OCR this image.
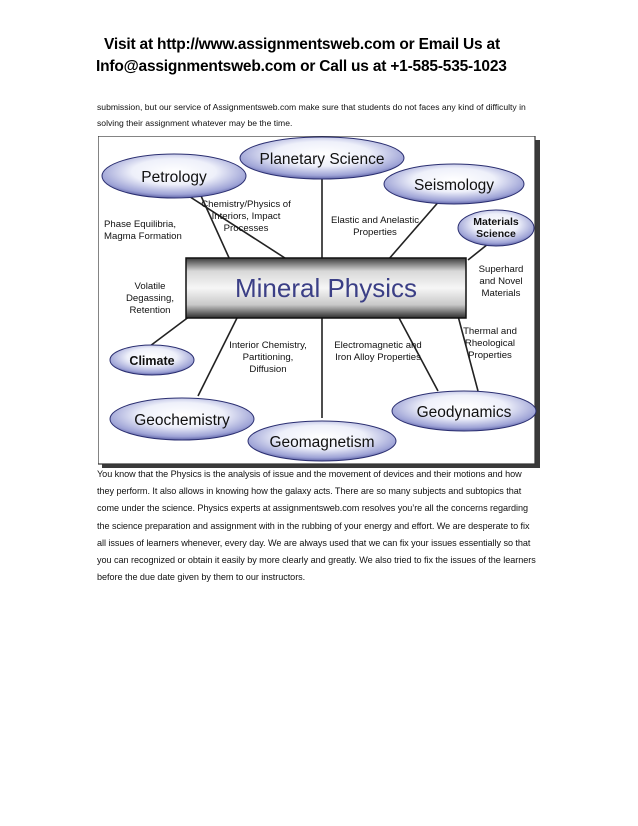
Visit at http://www.assignmentsweb.com or Email Us at
Info@assignmentsweb.com or Call us at +1-585-535-1023
submission, but our service of Assignmentsweb.com make sure that students do not faces any kind of difficulty in solving their assignment whatever may be the time.
Mineral Physics
Planetary Science
Petrology	Seismology
Materials
Science
Climate
Geochemistry
Geomagnetism
Geodynamics
Chemistry/Physics of
Interiors, Impact
Processes
Phase Equilibria,
Magma Formation
Elastic and Anelastic
Properties
Superhard
and Novel
Materials
Volatile
Degassing,
Retention
Thermal and
Rheological
Properties
Interior Chemistry,
Partitioning,
Diffusion
Electromagnetic and
Iron Alloy Properties
You know that the Physics is the analysis of issue and the movement of devices and their motions and how they perform. It also allows in knowing how the galaxy acts. There are so many subjects and subtopics that come under the science. Physics experts at assignmentsweb.com resolves you’re all the concerns regarding the science preparation and assignment with in the rubbing of your energy and effort. We are desperate to fix all issues of learners whenever, every day. We are always used that we can fix your issues essentially so that you can recognized or obtain it easily by more clearly and greatly. We also tried to fix the issues of the learners before the due date given by them to our instructors.
